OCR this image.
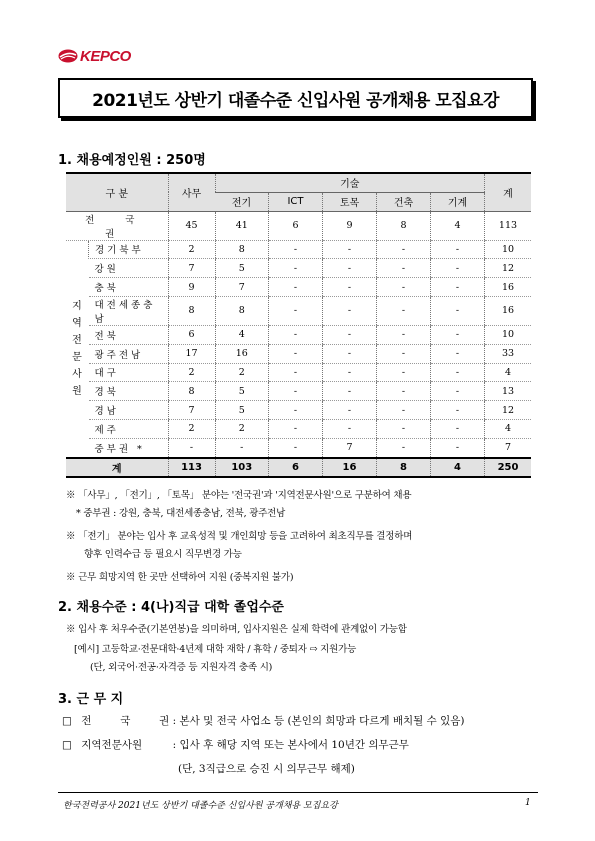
KEPCO
2021년도 상반기 대졸수준 신입사원 공개채용 모집요강
1. 채용예정인원 : 250명
구 분		사무	기술					계
			전기	ICT	토목	건축	기계	
전 국 권		45	41	6	9	8	4	113
지역전문사원	경기북부	2	8	-	-	-	-	10
	강원	7	5	-	-	-	-	12
	충북	9	7	-	-	-	-	16
	대전세종충남	8	8	-	-	-	-	16
	전북	6	4	-	-	-	-	10
	광주전남	17	16	-	-	-	-	33
	대구	2	2	-	-	-	-	4
	경북	8	5	-	-	-	-	13
	경남	7	5	-	-	-	-	12
	제주	2	2	-	-	-	-	4
	중부권 *	-	-	-	7	-	-	7
계		113	103	6	16	8	4	250
※ 「사무」, 「전기」, 「토목」 분야는 '전국권'과 '지역전문사원'으로 구분하여 채용
* 중부권 : 강원, 충북, 대전세종충남, 전북, 광주전남
※ 「전기」 분야는 입사 후 교육성적 및 개인희망 등을 고려하여 최초직무를 결정하며
향후 인력수급 등 필요시 직무변경 가능
※ 근무 희망지역 한 곳만 선택하여 지원 (중복지원 불가)
2. 채용수준 : 4(나)직급 대학 졸업수준
※ 입사 후 처우수준(기본연봉)을 의미하며, 입사지원은 실제 학력에 관계없이 가능함
[예시] 고등학교·전문대학·4년제 대학 재학 / 휴학 / 중퇴자 ⇨ 지원가능
(단, 외국어·전공·자격증 등 지원자격 충족 시)
3. 근 무 지
□ 전 국 권 : 본사 및 전국 사업소 등 (본인의 희망과 다르게 배치될 수 있음)
□ 지역전문사원	: 입사 후 해당 지역 또는 본사에서 10년간 의무근무
(단, 3직급으로 승진 시 의무근무 해제)
한국전력공사 2021년도 상반기 대졸수준 신입사원 공개채용 모집요강	1
